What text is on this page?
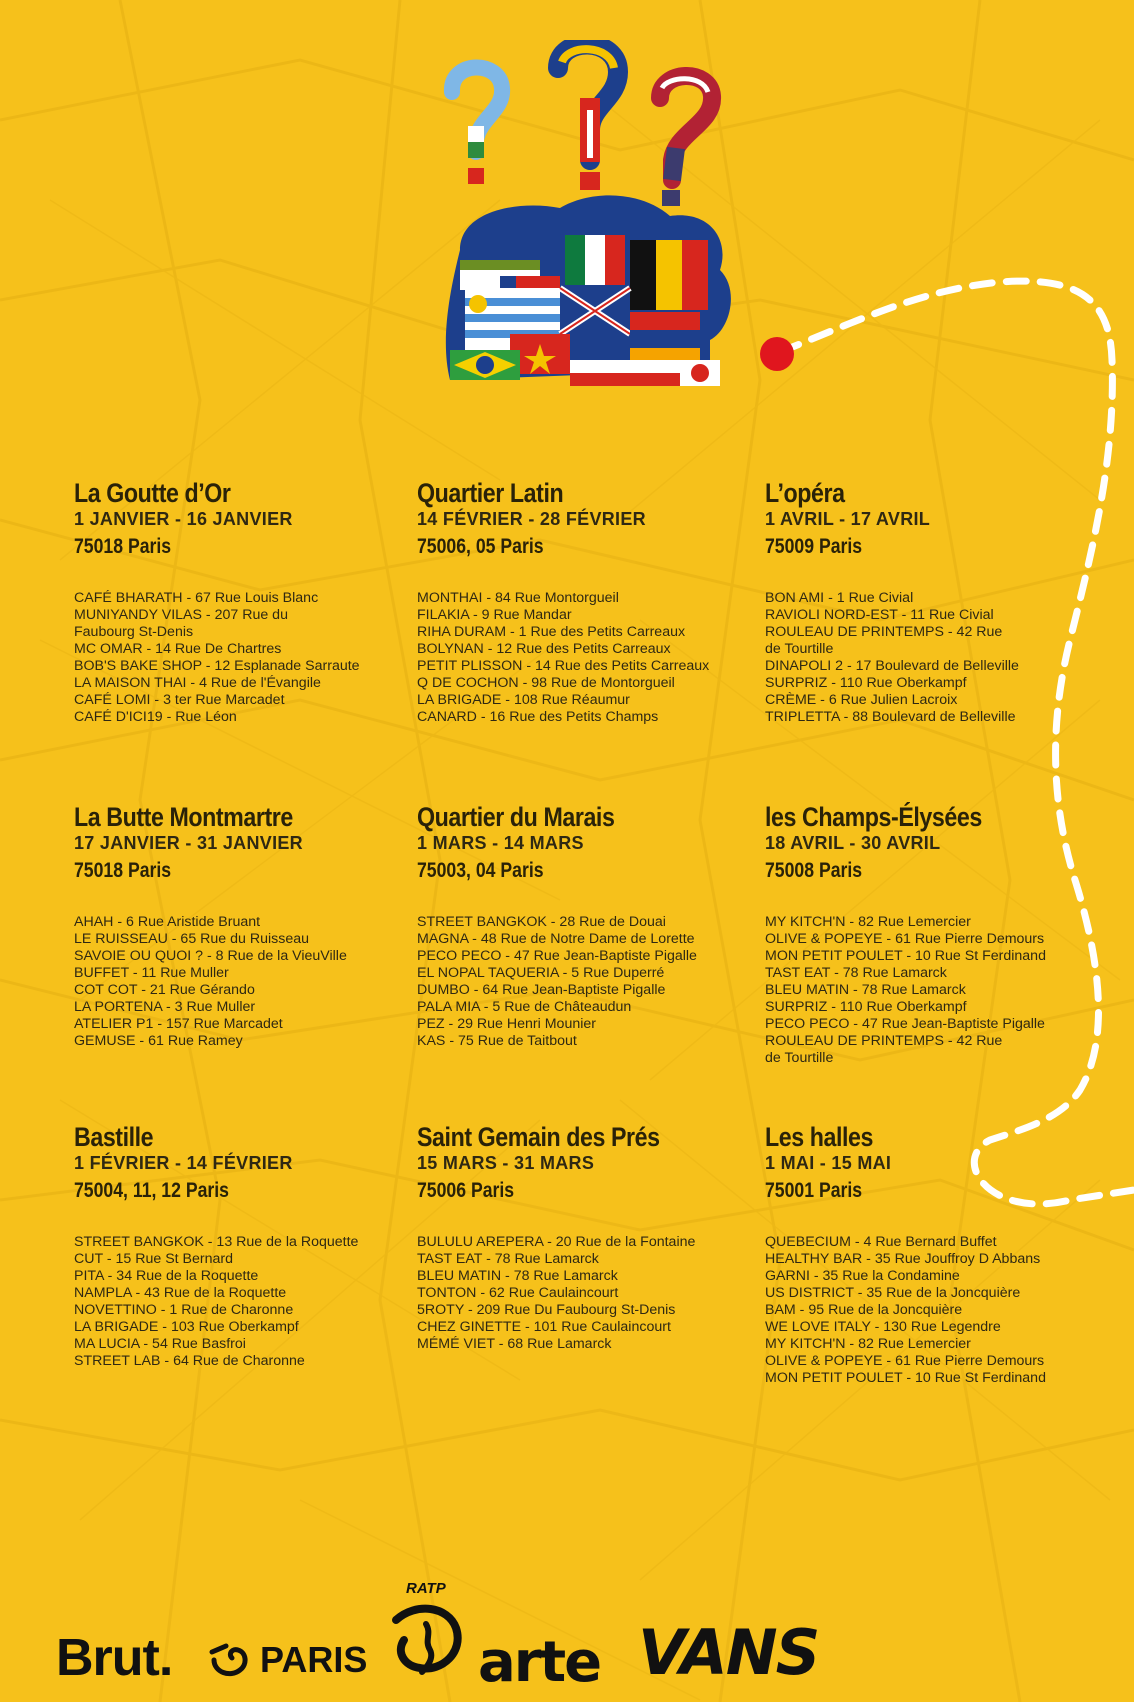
La Goutte d’Or
1 JANVIER - 16 JANVIER
75018 Paris
CAFÉ BHARATH - 67 Rue Louis Blanc
MUNIYANDY VILAS - 207 Rue du
Faubourg St-Denis
MC OMAR - 14 Rue De Chartres
BOB'S BAKE SHOP - 12 Esplanade Sarraute
LA MAISON THAI - 4 Rue de l'Évangile
CAFÉ LOMI - 3 ter Rue Marcadet
CAFÉ D'ICI19 - Rue Léon
Quartier Latin
14 FÉVRIER - 28 FÉVRIER
75006, 05 Paris
MONTHAI - 84 Rue Montorgueil
FILAKIA - 9 Rue Mandar
RIHA DURAM - 1 Rue des Petits Carreaux
BOLYNAN - 12 Rue des Petits Carreaux
PETIT PLISSON - 14 Rue des Petits Carreaux
Q DE COCHON - 98 Rue de Montorgueil
LA BRIGADE - 108 Rue Réaumur
CANARD - 16 Rue des Petits Champs
L’opéra
1 AVRIL - 17 AVRIL
75009 Paris
BON AMI - 1 Rue Civial
RAVIOLI NORD-EST - 11 Rue Civial
ROULEAU DE PRINTEMPS - 42 Rue
de Tourtille
DINAPOLI 2 - 17 Boulevard de Belleville
SURPRIZ - 110 Rue Oberkampf
CRÈME - 6 Rue Julien Lacroix
TRIPLETTA - 88 Boulevard de Belleville
La Butte Montmartre
17 JANVIER - 31 JANVIER
75018 Paris
AHAH - 6 Rue Aristide Bruant
LE RUISSEAU - 65 Rue du Ruisseau
SAVOIE OU QUOI ? - 8 Rue de la VieuVille
BUFFET - 11 Rue Muller
COT COT - 21 Rue Gérando
LA PORTENA - 3 Rue Muller
ATELIER P1 - 157 Rue Marcadet
GEMUSE - 61 Rue Ramey
Quartier du Marais
1 MARS - 14 MARS
75003, 04 Paris
STREET BANGKOK - 28 Rue de Douai
MAGNA - 48 Rue de Notre Dame de Lorette
PECO PECO - 47 Rue Jean-Baptiste Pigalle
EL NOPAL TAQUERIA - 5 Rue Duperré
DUMBO - 64 Rue Jean-Baptiste Pigalle
PALA MIA - 5 Rue de Châteaudun
PEZ - 29 Rue Henri Mounier
KAS - 75 Rue de Taitbout
les Champs-Élysées
18 AVRIL - 30 AVRIL
75008 Paris
MY KITCH'N - 82 Rue Lemercier
OLIVE & POPEYE - 61 Rue Pierre Demours
MON PETIT POULET - 10 Rue St Ferdinand
TAST EAT - 78 Rue Lamarck
BLEU MATIN - 78 Rue Lamarck
SURPRIZ - 110 Rue Oberkampf
PECO PECO - 47 Rue Jean-Baptiste Pigalle
ROULEAU DE PRINTEMPS - 42 Rue
de Tourtille
Bastille
1 FÉVRIER - 14 FÉVRIER
75004, 11, 12 Paris
STREET BANGKOK - 13 Rue de la Roquette
CUT - 15 Rue St Bernard
PITA - 34 Rue de la Roquette
NAMPLA - 43 Rue de la Roquette
NOVETTINO - 1 Rue de Charonne
LA BRIGADE - 103 Rue Oberkampf
MA LUCIA - 54 Rue Basfroi
STREET LAB - 64 Rue de Charonne
Saint Gemain des Prés
15 MARS - 31 MARS
75006 Paris
BULULU AREPERA - 20 Rue de la Fontaine
TAST EAT - 78 Rue Lamarck
BLEU MATIN - 78 Rue Lamarck
TONTON - 62 Rue Caulaincourt
5ROTY - 209 Rue Du Faubourg St-Denis
CHEZ GINETTE - 101 Rue Caulaincourt
MÉMÉ VIET - 68 Rue Lamarck
Les halles
1 MAI - 15 MAI
75001 Paris
QUEBECIUM - 4 Rue Bernard Buffet
HEALTHY BAR - 35 Rue Jouffroy D Abbans
GARNI - 35 Rue la Condamine
US DISTRICT - 35 Rue de la Joncquière
BAM - 95 Rue de la Joncquière
WE LOVE ITALY - 130 Rue Legendre
MY KITCH'N - 82 Rue Lemercier
OLIVE & POPEYE - 61 Rue Pierre Demours
MON PETIT POULET - 10 Rue St Ferdinand
Brut. PARIS
RATP
arte VANS
